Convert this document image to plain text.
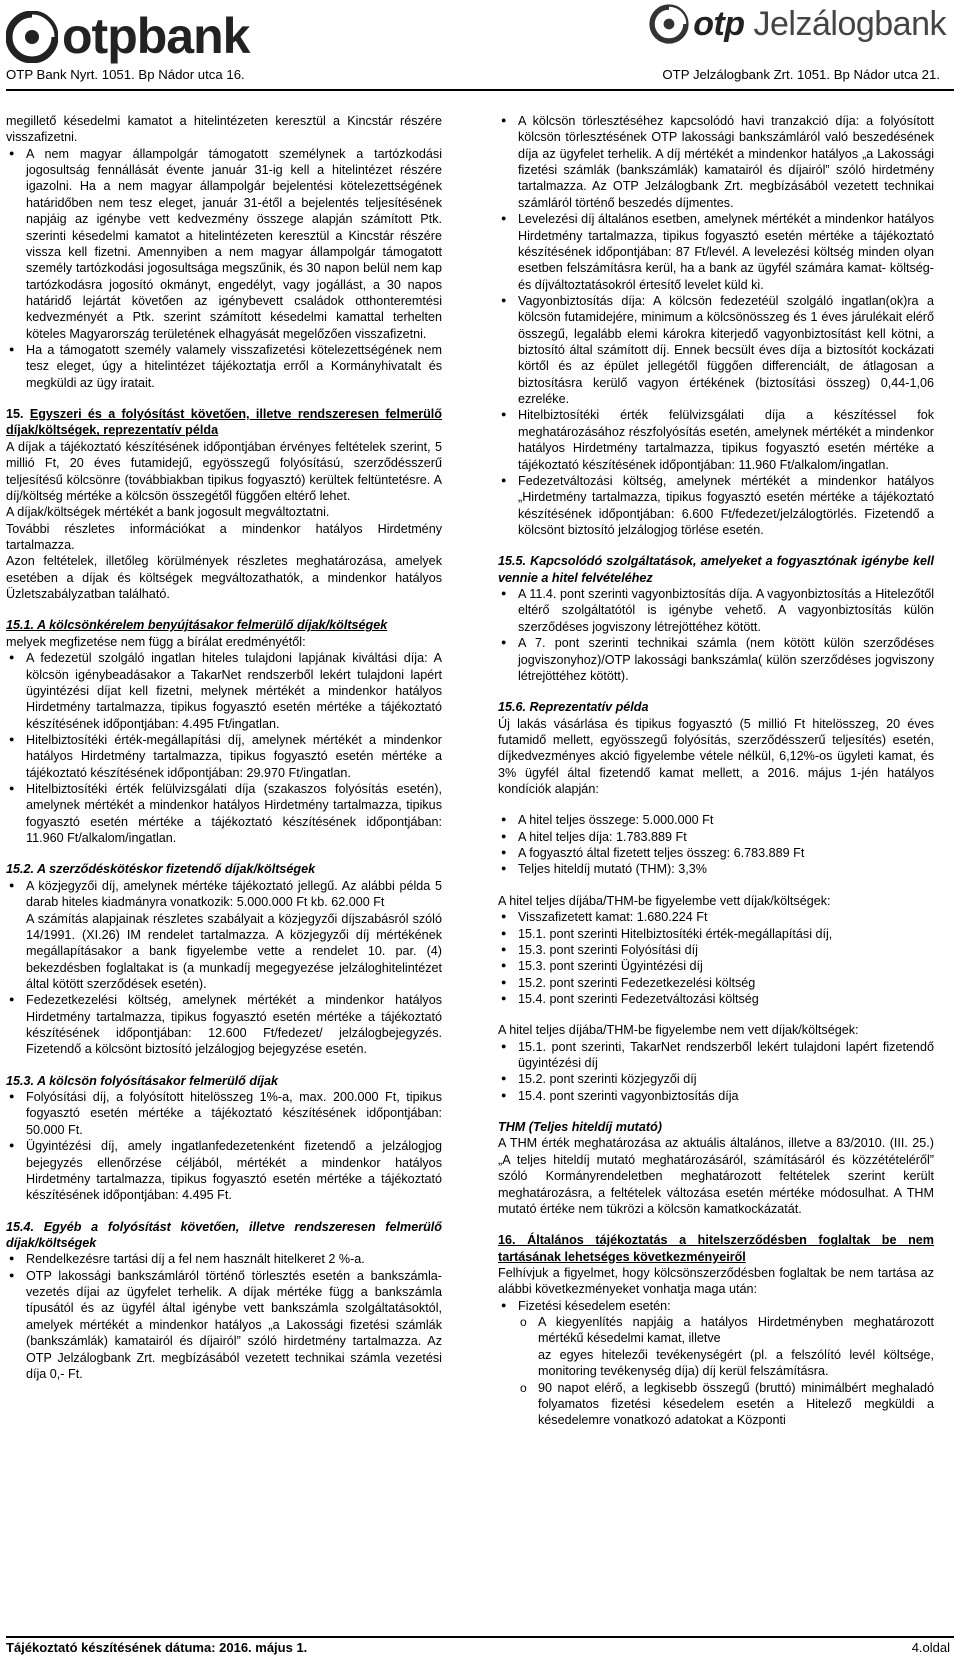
otpbank
OTP Bank Nyrt. 1051. Bp Nádor utca 16.
otp Jelzálogbank
OTP Jelzálogbank Zrt. 1051. Bp Nádor utca 21.

megillető késedelmi kamatot a hitelintézeten keresztül a Kincstár részére visszafizetni.

● A nem magyar állampolgár támogatott személynek a tartózkodási jogosultság fennállását évente január 31-ig kell a hitelintézet részére igazolni. Ha a nem magyar állampolgár bejelentési kötelezettségének határidőben nem tesz eleget, január 31-étől a bejelentés teljesítésének napjáig az igénybe vett kedvezmény összege alapján számított Ptk. szerinti késedelmi kamatot a hitelintézeten keresztül a Kincstár részére vissza kell fizetni. Amennyiben a nem magyar állampolgár támogatott személy tartózkodási jogosultsága megszűnik, és 30 napon belül nem kap tartózkodásra jogosító okmányt, engedélyt, vagy jogállást, a 30 napos határidő lejártát követően az igénybevett családok otthonteremtési kedvezményét a Ptk. szerint számított késedelmi kamattal terhelten köteles Magyarország területének elhagyását megelőzően visszafizetni.
● Ha a támogatott személy valamely visszafizetési kötelezettségének nem tesz eleget, úgy a hitelintézet tájékoztatja erről a Kormányhivatalt és megküldi az ügy iratait.

15. Egyszeri és a folyósítást követően, illetve rendszeresen felmerülő díjak/költségek, reprezentatív példa

A díjak a tájékoztató készítésének időpontjában érvényes feltételek szerint, 5 millió Ft, 20 éves futamidejű, egyösszegű folyósítású, szerződésszerű teljesítésű kölcsönre (továbbiakban tipikus fogyasztó) kerültek feltüntetésre. A díj/költség mértéke a kölcsön összegétől függően eltérő lehet.

A díjak/költségek mértékét a bank jogosult megváltoztatni.

További részletes információkat a mindenkor hatályos Hirdetmény tartalmazza.

Azon feltételek, illetőleg körülmények részletes meghatározása, amelyek esetében a díjak és költségek megváltozathatók, a mindenkor hatályos Üzletszabályzatban található.

15.1. A kölcsönkérelem benyújtásakor felmerülő díjak/költségek

melyek megfizetése nem függ a bírálat eredményétől:

● A fedezetül szolgáló ingatlan hiteles tulajdoni lapjának kiváltási díja: A kölcsön igénybeadásakor a TakarNet rendszerből lekért tulajdoni lapért ügyintézési díjat kell fizetni, melynek mértékét a mindenkor hatályos Hirdetmény tartalmazza, tipikus fogyasztó esetén mértéke a tájékoztató készítésének időpontjában: 4.495 Ft/ingatlan.
● Hitelbiztosítéki érték-megállapítási díj, amelynek mértékét a mindenkor hatályos Hirdetmény tartalmazza, tipikus fogyasztó esetén mértéke a tájékoztató készítésének időpontjában: 29.970 Ft/ingatlan.
● Hitelbiztosítéki érték felülvizsgálati díja (szakaszos folyósítás esetén), amelynek mértékét a mindenkor hatályos Hirdetmény tartalmazza, tipikus fogyasztó esetén mértéke a tájékoztató készítésének időpontjában: 11.960 Ft/alkalom/ingatlan.

15.2. A szerződéskötéskor fizetendő díjak/költségek

● A közjegyzői díj, amelynek mértéke tájékoztató jellegű. Az alábbi példa 5 darab hiteles kiadmányra vonatkozik: 5.000.000 Ft kb. 62.000 Ft
A számítás alapjainak részletes szabályait a közjegyzői díjszabásról szóló 14/1991. (XI.26) IM rendelet tartalmazza. A közjegyzői díj mértékének megállapításakor a bank figyelembe vette a rendelet 10. par. (4) bekezdésben foglaltakat is (a munkadíj megegyezése jelzáloghitelintézet által kötött szerződések esetén).
● Fedezetkezelési költség, amelynek mértékét a mindenkor hatályos Hirdetmény tartalmazza, tipikus fogyasztó esetén mértéke a tájékoztató készítésének időpontjában: 12.600 Ft/fedezet/ jelzálogbejegyzés. Fizetendő a kölcsönt biztosító jelzálogjog bejegyzése esetén.

15.3. A kölcsön folyósításakor felmerülő díjak

● Folyósítási díj, a folyósított hitelösszeg 1%-a, max. 200.000 Ft, tipikus fogyasztó esetén mértéke a tájékoztató készítésének időpontjában: 50.000 Ft.
● Ügyintézési díj, amely ingatlanfedezetenként fizetendő a jelzálogjog bejegyzés ellenőrzése céljából, mértékét a mindenkor hatályos Hirdetmény tartalmazza, tipikus fogyasztó esetén mértéke a tájékoztató készítésének időpontjában: 4.495 Ft.

15.4. Egyéb a folyósítást követően, illetve rendszeresen felmerülő díjak/költségek

● Rendelkezésre tartási díj a fel nem használt hitelkeret 2 %-a.
● OTP lakossági bankszámláról történő törlesztés esetén a bankszámla-vezetés díjai az ügyfelet terhelik. A díjak mértéke függ a bankszámla típusától és az ügyfél által igénybe vett bankszámla szolgáltatásoktól, amelyek mértékét a mindenkor hatályos „a Lakossági fizetési számlák (bankszámlák) kamatairól és díjairól” szóló hirdetmény tartalmazza. Az OTP Jelzálogbank Zrt. megbízásából vezetett technikai számla vezetési díja 0,- Ft.
● A kölcsön törlesztéséhez kapcsolódó havi tranzakció díja: a folyósított kölcsön törlesztésének OTP lakossági bankszámláról való beszedésének díja az ügyfelet terhelik. A díj mértékét a mindenkor hatályos „a Lakossági fizetési számlák (bankszámlák) kamatairól és díjairól” szóló hirdetmény tartalmazza. Az OTP Jelzálogbank Zrt. megbízásából vezetett technikai számláról történő beszedés díjmentes.
● Levelezési díj általános esetben, amelynek mértékét a mindenkor hatályos Hirdetmény tartalmazza, tipikus fogyasztó esetén mértéke a tájékoztató készítésének időpontjában: 87 Ft/levél. A levelezési költség minden olyan esetben felszámításra kerül, ha a bank az ügyfél számára kamat- költség- és díjváltoztatásokról értesítő levelet küld ki.
● Vagyonbiztosítás díja: A kölcsön fedezetéül szolgáló ingatlan(ok)ra a kölcsön futamidejére, minimum a kölcsönösszeg és 1 éves járulékait elérő összegű, legalább elemi károkra kiterjedő vagyonbiztosítást kell kötni, a biztosító által számított díj. Ennek becsült éves díja a biztosítót kockázati körtől és az épület jellegétől függően differenciált, de átlagosan a biztosításra kerülő vagyon értékének (biztosítási összeg) 0,44-1,06 ezreléke.
● Hitelbiztosítéki érték felülvizsgálati díja a készítéssel fok meghatározásához részfolyósítás esetén, amelynek mértékét a mindenkor hatályos Hirdetmény tartalmazza, tipikus fogyasztó esetén mértéke a tájékoztató készítésének időpontjában: 11.960 Ft/alkalom/ingatlan.
● Fedezetváltozási költség, amelynek mértékét a mindenkor hatályos „Hirdetmény tartalmazza, tipikus fogyasztó esetén mértéke a tájékoztató készítésének időpontjában: 6.600 Ft/fedezet/jelzálogtörlés. Fizetendő a kölcsönt biztosító jelzálogjog törlése esetén.

15.5. Kapcsolódó szolgáltatások, amelyeket a fogyasztónak igénybe kell vennie a hitel felvételéhez

● A 11.4. pont szerinti vagyonbiztosítás díja. A vagyonbiztosítás a Hitelezőtől eltérő szolgáltatótól is igénybe vehető. A vagyonbiztosítás külön szerződéses jogviszony létrejöttéhez kötött.
● A 7. pont szerinti technikai számla (nem kötött külön szerződéses jogviszonyhoz)/OTP lakossági bankszámla( külön szerződéses jogviszony létrejöttéhez kötött).

15.6. Reprezentatív példa

Új lakás vásárlása és tipikus fogyasztó (5 millió Ft hitelösszeg, 20 éves futamidő mellett, egyösszegű folyósítás, szerződésszerű teljesítés) esetén, díjkedvezményes akció figyelembe vétele nélkül, 6,12%-os ügyleti kamat, és 3% ügyfél által fizetendő kamat mellett, a 2016. május 1-jén hatályos kondíciók alapján:

● A hitel teljes összege: 5.000.000 Ft
● A hitel teljes díja: 1.783.889 Ft
● A fogyasztó által fizetett teljes összeg: 6.783.889 Ft
● Teljes hiteldíj mutató (THM): 3,3%

A hitel teljes díjába/THM-be figyelembe vett díjak/költségek:

● Visszafizetett kamat: 1.680.224 Ft
● 15.1. pont szerinti Hitelbiztosítéki érték-megállapítási díj,
● 15.3. pont szerinti Folyósítási díj
● 15.3. pont szerinti Ügyintézési díj
● 15.2. pont szerinti Fedezetkezelési költség
● 15.4. pont szerinti Fedezetváltozási költség

A hitel teljes díjába/THM-be figyelembe nem vett díjak/költségek:

● 15.1. pont szerinti, TakarNet rendszerből lekért tulajdoni lapért fizetendő ügyintézési díj
● 15.2. pont szerinti közjegyzői díj
● 15.4. pont szerinti vagyonbiztosítás díja

THM (Teljes hiteldíj mutató)

A THM érték meghatározása az aktuális általános, illetve a 83/2010. (III. 25.) „A teljes hiteldíj mutató meghatározásáról, számításáról és közzétételéről” szóló Kormányrendeletben meghatározott feltételek szerint került meghatározásra, a feltételek változása esetén mértéke módosulhat. A THM mutató értéke nem tükrözi a kölcsön kamatkockázatát.

16. Általános tájékoztatás a hitelszerződésben foglaltak be nem tartásának lehetséges következményeiről

Felhívjuk a figyelmet, hogy kölcsönszerződésben foglaltak be nem tartása az alábbi következményeket vonhatja maga után:

● Fizetési késedelem esetén:
o A kiegyenlítés napjáig a hatályos Hirdetményben meghatározott mértékű késedelmi kamat, illetve
az egyes hitelezői tevékenységért (pl. a felszólító levél költsége, monitoring tevékenység díja) díj kerül felszámításra.
o 90 napot elérő, a legkisebb összegű (bruttó) minimálbért meghaladó folyamatos fizetési késedelem esetén a Hitelező megküldi a késedelemre vonatkozó adatokat a Központi
Tájékoztató készítésének dátuma: 2016. május 1.	4.oldal
